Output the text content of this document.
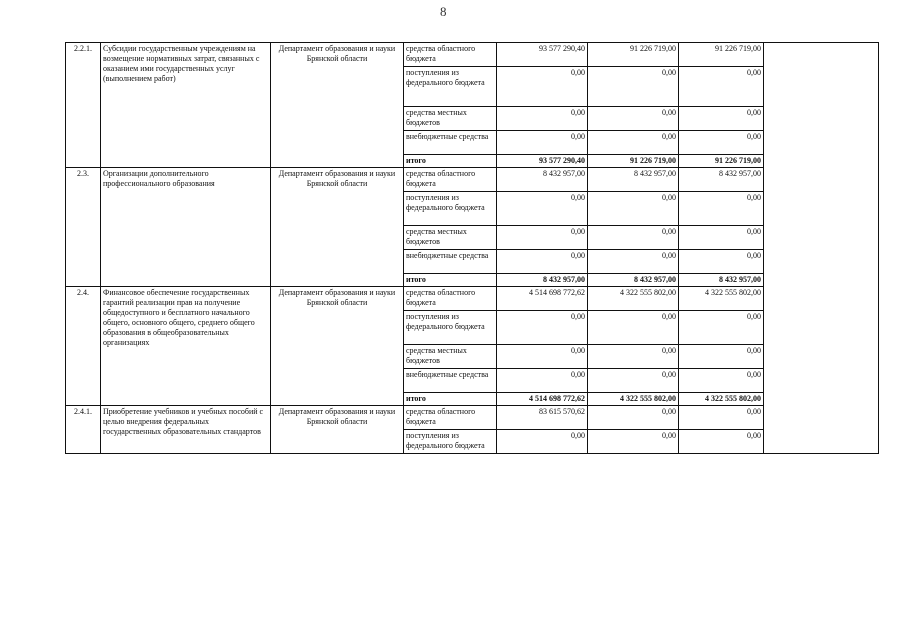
8
2.2.1.	Субсидии государственным учреждениям на возмещение нормативных затрат, связанных с оказанием ими государственных услуг (выполнением работ)	Департамент образования и науки Брянской области	средства областного бюджета	93 577 290,40	91 226 719,00	91 226 719,00	
			поступления из федерального бюджета	0,00	0,00	0,00	
			средства местных бюджетов	0,00	0,00	0,00	
			внебюджетные средства	0,00	0,00	0,00	
			итого	93 577 290,40	91 226 719,00	91 226 719,00	
2.3.	Организации дополнительного профессионального образования	Департамент образования и науки Брянской области	средства областного бюджета	8 432 957,00	8 432 957,00	8 432 957,00	
			поступления из федерального бюджета	0,00	0,00	0,00	
			средства местных бюджетов	0,00	0,00	0,00	
			внебюджетные средства	0,00	0,00	0,00	
			итого	8 432 957,00	8 432 957,00	8 432 957,00	
2.4.	Финансовое обеспечение государственных гарантий реализации прав на получение общедоступного и бесплатного начального общего, основного общего, среднего общего образования в общеобразовательных организациях	Департамент образования и науки Брянской области	средства областного бюджета	4 514 698 772,62	4 322 555 802,00	4 322 555 802,00	
			поступления из федерального бюджета	0,00	0,00	0,00	
			средства местных бюджетов	0,00	0,00	0,00	
			внебюджетные средства	0,00	0,00	0,00	
			итого	4 514 698 772,62	4 322 555 802,00	4 322 555 802,00	
2.4.1.	Приобретение учебников и учебных пособий с целью внедрения федеральных государственных образовательных стандартов	Департамент образования и науки Брянской области	средства областного бюджета	83 615 570,62	0,00	0,00	
			поступления из федерального бюджета	0,00	0,00	0,00	
